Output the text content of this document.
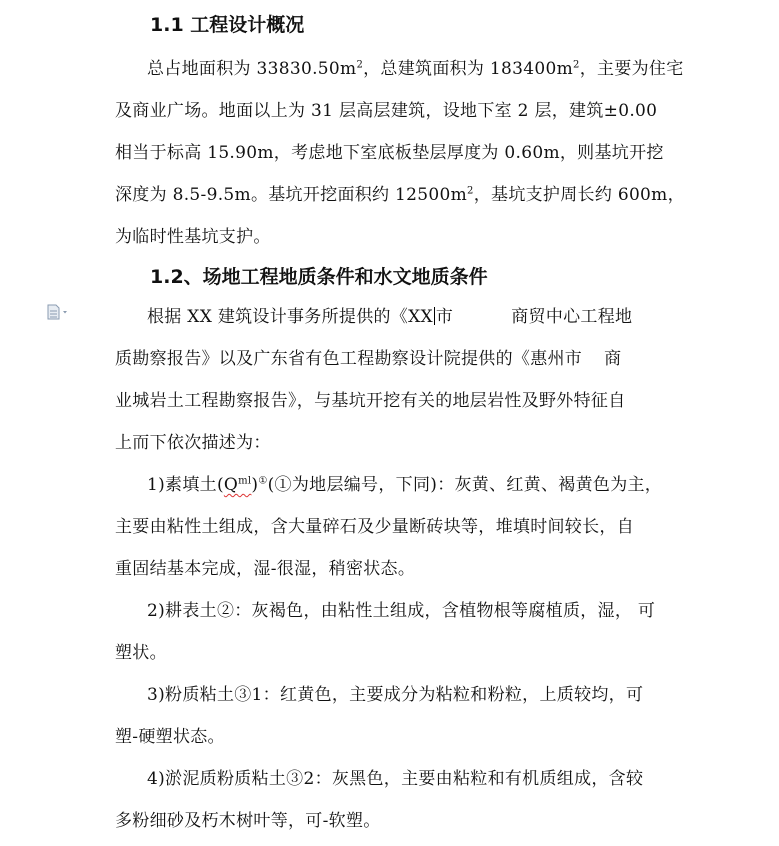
1.1 工程设计概况
总占地面积为 $33830.50m^2$，总建筑面积为 $183400m^2$，主要为住宅
及商业广场。地面以上为 31 层高层建筑，设地下室 2 层，建筑±0.00
相当于标高 15.90m，考虑地下室底板垫层厚度为 0.60m，则基坑开挖
深度为 8.5-9.5m。基坑开挖面积约 $12500m^2$，基坑支护周长约 600m，
为临时性基坑支护。
1.2、场地工程地质条件和水文地质条件
根据 XX 建筑设计事务所提供的《XX 市	商贸中心工程地
质勘察报告》以及广东省有色工程勘察设计院提供的《惠州市 商
业城岩土工程勘察报告》，与基坑开挖有关的地层岩性及野外特征自
上而下依次描述为：
1)素填土$(Q^{ml})^①(①$为地层编号，下同)：灰黄、红黄、褐黄色为主，
主要由粘性土组成，含大量碎石及少量断砖块等，堆填时间较长，自
重固结基本完成，湿-很湿，稍密状态。
2)耕表土②：灰褐色，由粘性土组成，含植物根等腐植质，湿， 可
塑状。
3)粉质粘土③1：红黄色，主要成分为粘粒和粉粒，上质较均，可
塑-硬塑状态。
4)淤泥质粉质粘土③2：灰黑色，主要由粘粒和有机质组成，含较
多粉细砂及朽木树叶等，可-软塑。
